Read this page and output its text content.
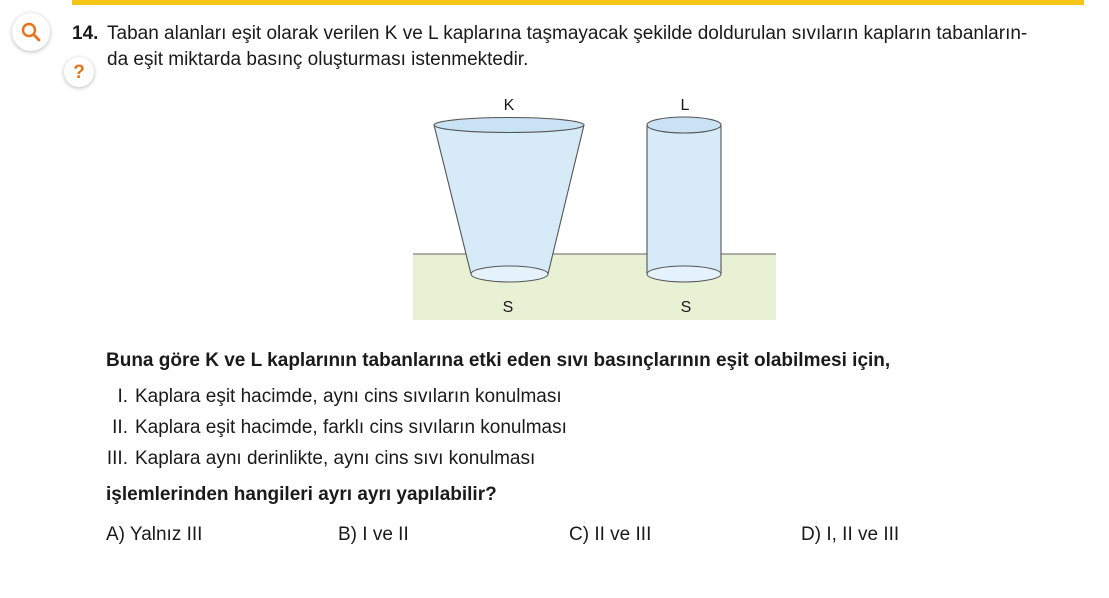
?
14. Taban alanları eşit olarak verilen K ve L kaplarına taşmayacak şekilde doldurulan sıvıların kapların tabanların-
da eşit miktarda basınç oluşturması istenmektedir.
K	L
S	S
Buna göre K ve L kaplarının tabanlarına etki eden sıvı basınçlarının eşit olabilmesi için,
I. Kaplara eşit hacimde, aynı cins sıvıların konulması
II. Kaplara eşit hacimde, farklı cins sıvıların konulması
III. Kaplara aynı derinlikte, aynı cins sıvı konulması
işlemlerinden hangileri ayrı ayrı yapılabilir?
A) Yalnız III	B) I ve II	C) II ve III	D) I, II ve III
